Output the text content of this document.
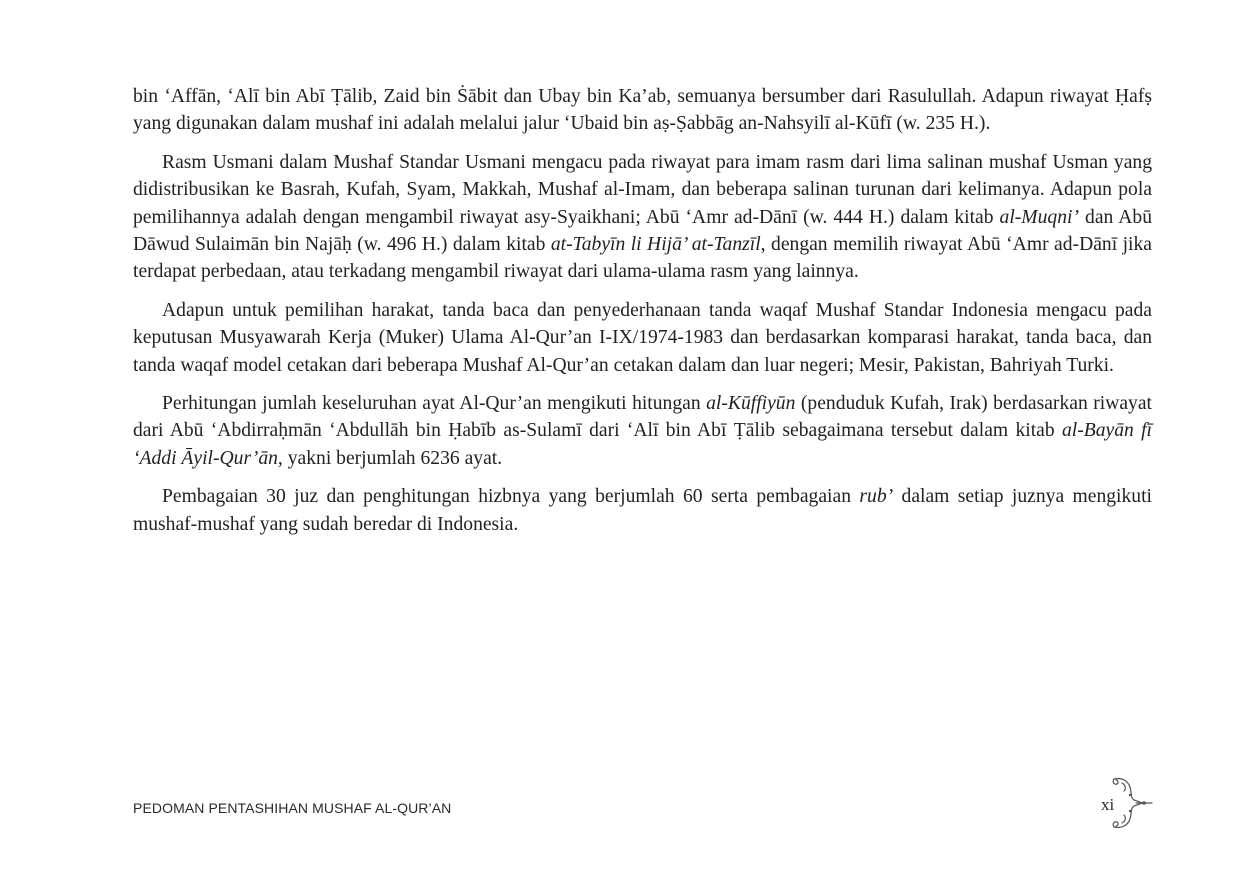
bin ‘Affān, ‘Alī bin Abī Ṭālib, Zaid bin Ṡābit dan Ubay bin Ka’ab, semuanya bersumber dari Rasulullah. Adapun riwayat Ḥafṣ yang digunakan dalam mushaf ini adalah melalui jalur ‘Ubaid bin aṣ-Ṣabbāg an-Nahsyilī al-Kūfī (w. 235 H.).

Rasm Usmani dalam Mushaf Standar Usmani mengacu pada riwayat para imam rasm dari lima salinan mushaf Usman yang didistribusikan ke Basrah, Kufah, Syam, Makkah, Mushaf al-Imam, dan beberapa salinan turunan dari kelimanya. Adapun pola pemilihannya adalah dengan mengambil riwayat asy-Syaikhani; Abū ‘Amr ad-Dānī (w. 444 H.) dalam kitab al-Muqni’ dan Abū Dāwud Sulaimān bin Najāḥ (w. 496 H.) dalam kitab at-Tabyīn li Hijā’ at-Tanzīl, dengan memilih riwayat Abū ‘Amr ad-Dānī jika terdapat perbedaan, atau terkadang mengambil riwayat dari ulama-ulama rasm yang lainnya.

Adapun untuk pemilihan harakat, tanda baca dan penyederhanaan tanda waqaf Mushaf Standar Indonesia mengacu pada keputusan Musyawarah Kerja (Muker) Ulama Al-Qur’an I-IX/1974-1983 dan berdasarkan komparasi harakat, tanda baca, dan tanda waqaf model cetakan dari beberapa Mushaf Al-Qur’an cetakan dalam dan luar negeri; Mesir, Pakistan, Bahriyah Turki.

Perhitungan jumlah keseluruhan ayat Al-Qur’an mengikuti hitungan al-Kūffiyūn (penduduk Kufah, Irak) berdasarkan riwayat dari Abū ‘Abdirraḥmān ‘Abdullāh bin Ḥabīb as-Sulamī dari ‘Alī bin Abī Ṭālib sebagaimana tersebut dalam kitab al-Bayān fī ‘Addi Āyil-Qur’ān, yakni berjumlah 6236 ayat.

Pembagaian 30 juz dan penghitungan hizbnya yang berjumlah 60 serta pembagaian rub’ dalam setiap juznya mengikuti mushaf-mushaf yang sudah beredar di Indonesia.

PEDOMAN PENTASHIHAN MUSHAF AL-QUR’AN	xi
